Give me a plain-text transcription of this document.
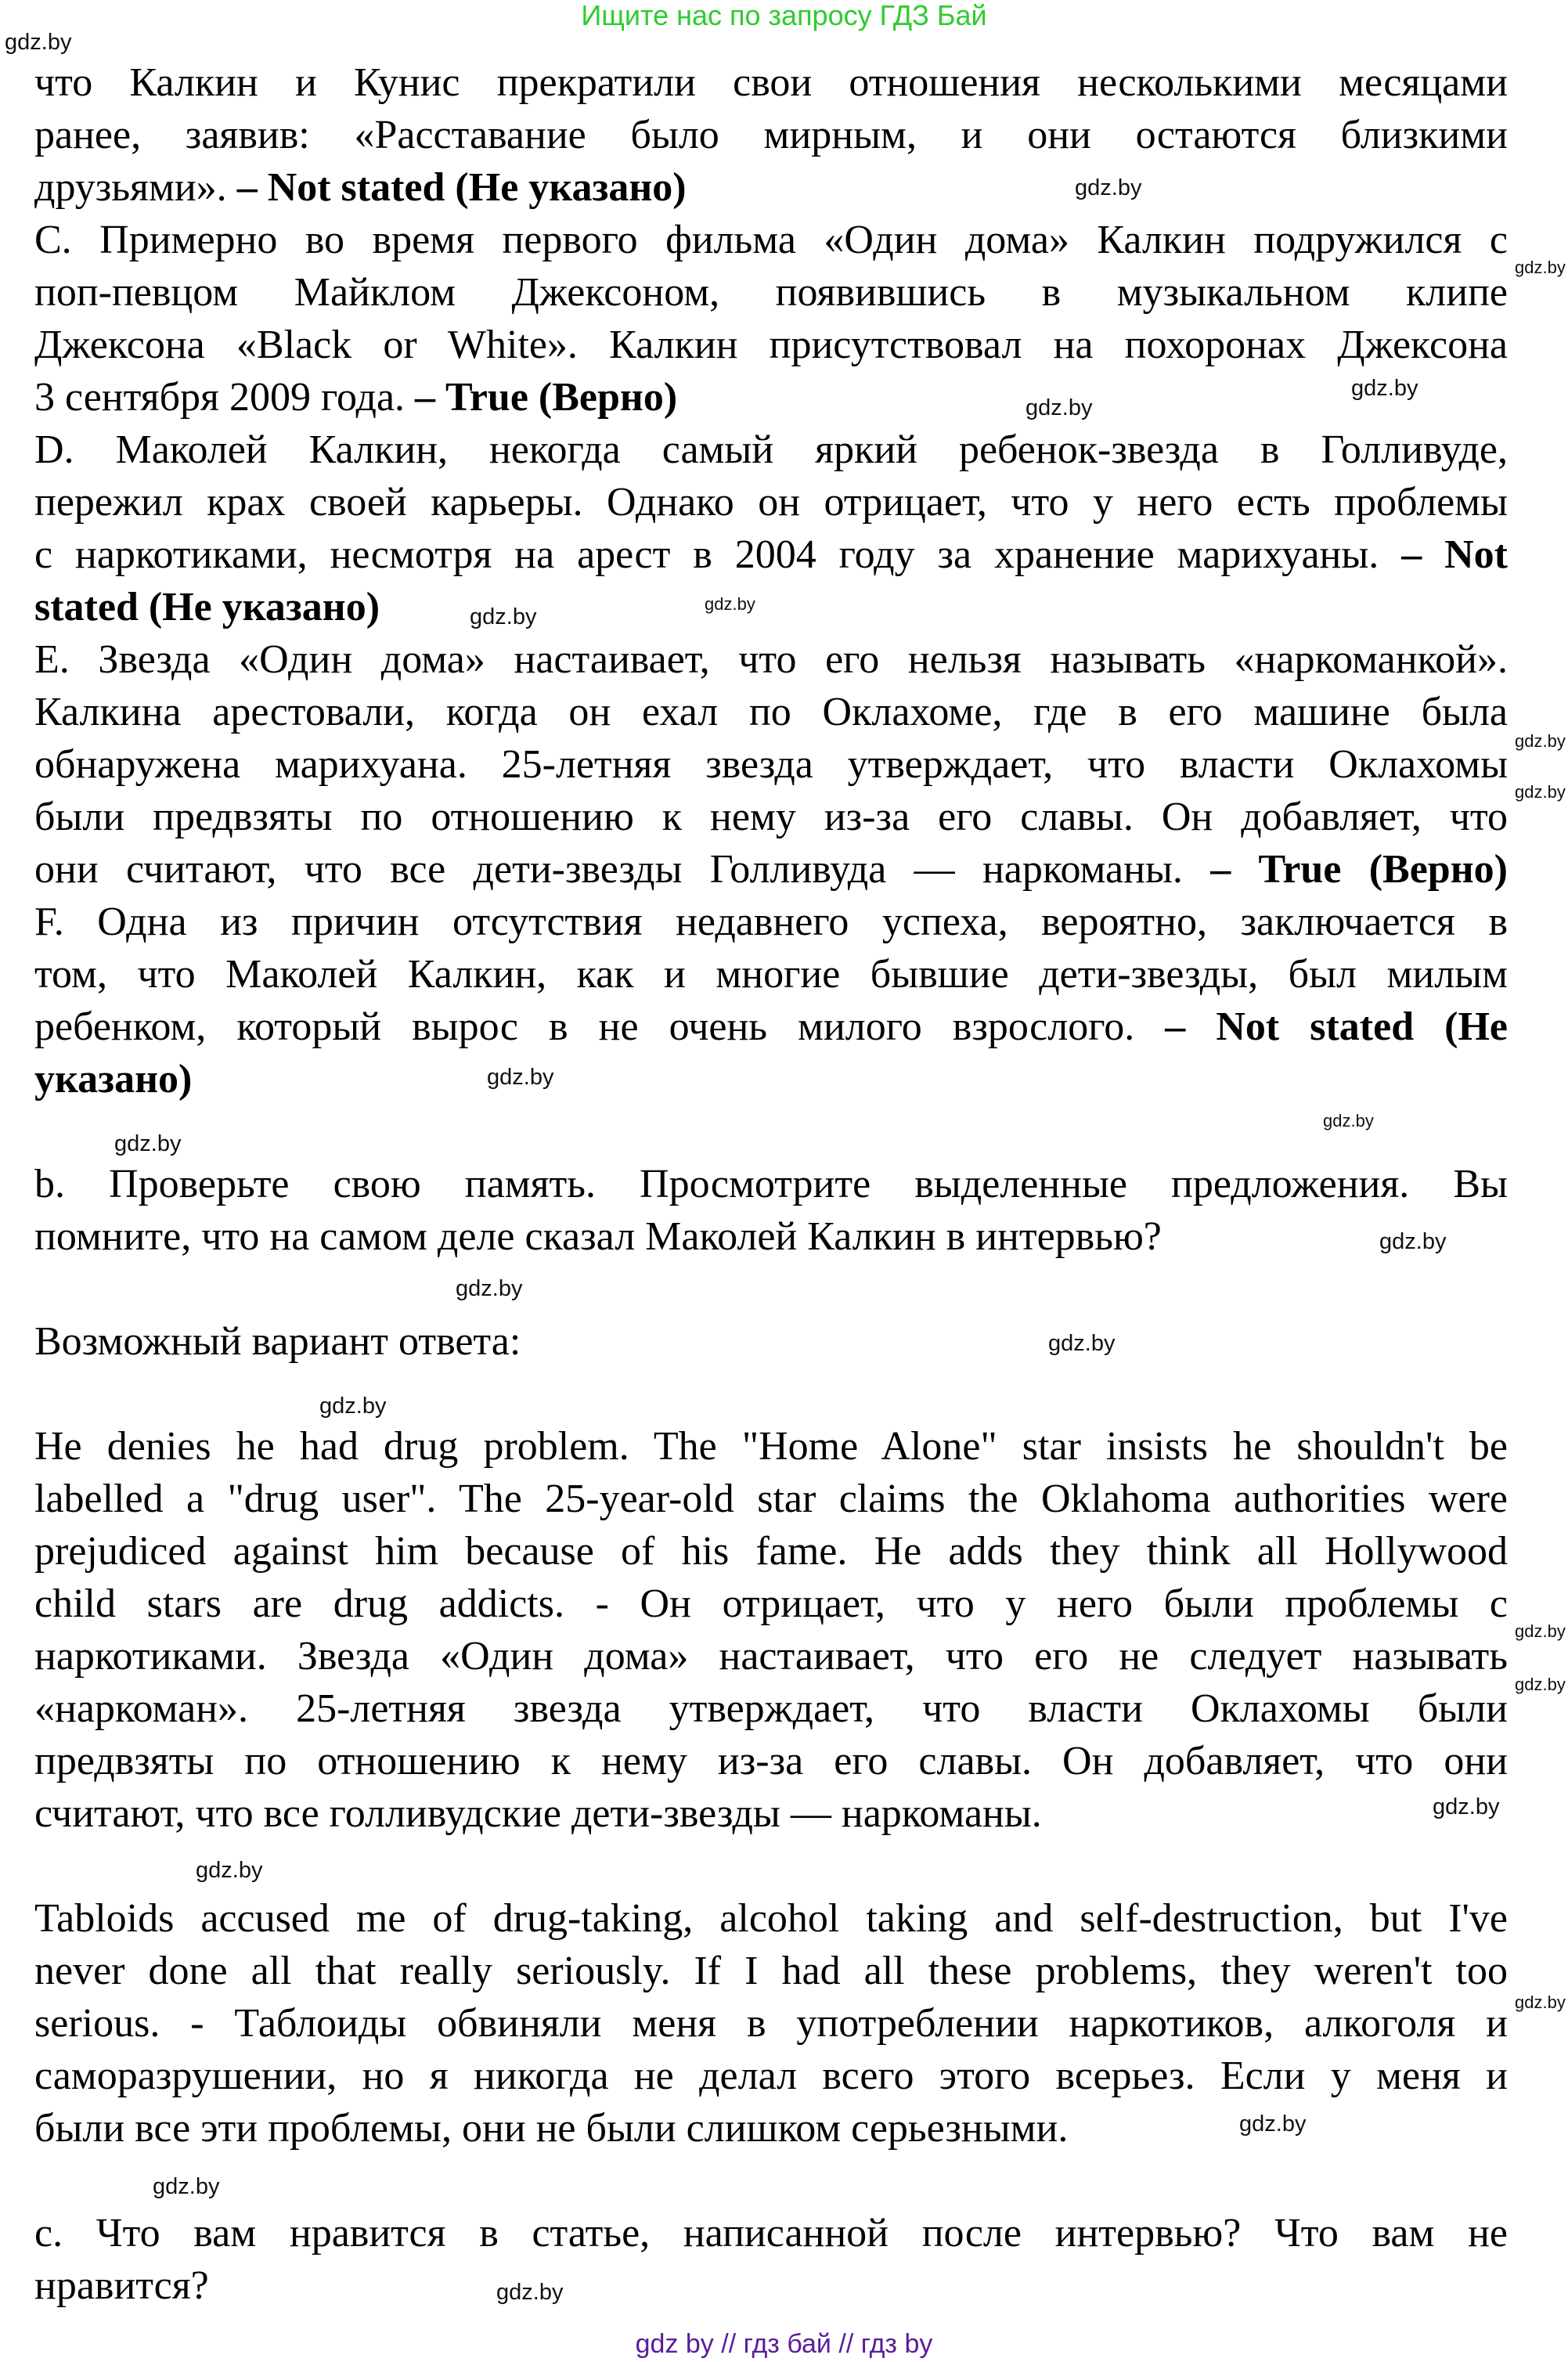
Ищите нас по запросу ГДЗ Бай
что Калкин и Кунис прекратили свои отношения несколькими месяцами
ранее, заявив: «Расставание было мирным, и они остаются близкими
друзьями». – Not stated (Не указано)
C. Примерно во время первого фильма «Один дома» Калкин подружился с
поп-певцом Майклом Джексоном, появившись в музыкальном клипе
Джексона «Black or White». Калкин присутствовал на похоронах Джексона
3 сентября 2009 года. – True (Верно)
D. Маколей Калкин, некогда самый яркий ребенок-звезда в Голливуде,
пережил крах своей карьеры. Однако он отрицает, что у него есть проблемы
с наркотиками, несмотря на арест в 2004 году за хранение марихуаны. – Not
stated (Не указано)
E. Звезда «Один дома» настаивает, что его нельзя называть «наркоманкой».
Калкина арестовали, когда он ехал по Оклахоме, где в его машине была
обнаружена марихуана. 25-летняя звезда утверждает, что власти Оклахомы
были предвзяты по отношению к нему из-за его славы. Он добавляет, что
они считают, что все дети-звезды Голливуда — наркоманы. – True (Верно)
F. Одна из причин отсутствия недавнего успеха, вероятно, заключается в
том, что Маколей Калкин, как и многие бывшие дети-звезды, был милым
ребенком, который вырос в не очень милого взрослого. – Not stated (Не
указано)

b. Проверьте свою память. Просмотрите выделенные предложения. Вы
помните, что на самом деле сказал Маколей Калкин в интервью?

Возможный вариант ответа:

He denies he had drug problem. The "Home Alone" star insists he shouldn't be
labelled a "drug user". The 25-year-old star claims the Oklahoma authorities were
prejudiced against him because of his fame. He adds they think all Hollywood
child stars are drug addicts. - Он отрицает, что у него были проблемы с
наркотиками. Звезда «Один дома» настаивает, что его не следует называть
«наркоман». 25-летняя звезда утверждает, что власти Оклахомы были
предвзяты по отношению к нему из-за его славы. Он добавляет, что они
считают, что все голливудские дети-звезды — наркоманы.

Tabloids accused me of drug-taking, alcohol taking and self-destruction, but I've
never done all that really seriously. If I had all these problems, they weren't too
serious. - Таблоиды обвиняли меня в употреблении наркотиков, алкоголя и
саморазрушении, но я никогда не делал всего этого всерьез. Если у меня и
были все эти проблемы, они не были слишком серьезными.

c. Что вам нравится в статье, написанной после интервью? Что вам не
нравится?
gdz by // гдз бай // гдз by
gdz.by
gdz.by
gdz.by
gdz.by
gdz.by
gdz.by
gdz.by
gdz.by
gdz.by
gdz.by
gdz.by
gdz.by
gdz.by
gdz.by
gdz.by
gdz.by
gdz.by
gdz.by
gdz.by
gdz.by
gdz.by
gdz.by
gdz.by
gdz.by
